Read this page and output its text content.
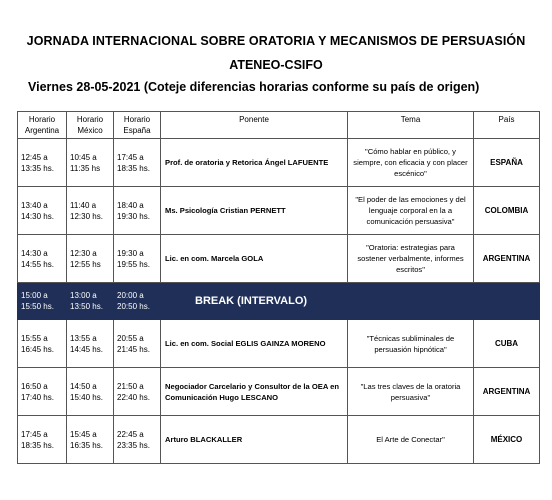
JORNADA INTERNACIONAL SOBRE ORATORIA Y MECANISMOS DE PERSUASIÓN
ATENEO-CSIFO
Viernes 28-05-2021 (Coteje diferencias horarias conforme su país de origen)
Horario
Argentina	Horario
México	Horario
España	Ponente	Tema	País

12:45 a
13:35 hs.	10:45 a
11:35 hs	17:45 a
18:35 hs.	Prof. de oratoria y Retorica Ángel LAFUENTE	"Cómo hablar en público, y siempre, con eficacia y con placer escénico"	ESPAÑA

13:40 a
14:30 hs.	11:40 a
12:30 hs.	18:40 a
19:30 hs.	Ms. Psicología Cristian PERNETT	"El poder de las emociones y del lenguaje corporal en la a comunicación persuasiva"	COLOMBIA

14:30 a
14:55 hs.	12:30 a
12:55 hs	19:30 a
19:55 hs.	Lic. en com. Marcela GOLA	"Oratoria: estrategias para sostener verbalmente, informes escritos"	ARGENTINA

15:00 a
15:50 hs.	13:00 a
13:50 hs.	20:00 a
20:50 hs.	BREAK (INTERVALO)		

15:55 a
16:45 hs.	13:55 a
14:45 hs.	20:55 a
21:45 hs.	Lic. en com. Social EGLIS GAINZA MORENO	"Técnicas subliminales de persuasión hipnótica"	CUBA

16:50 a
17:40 hs.	14:50 a
15:40 hs.	21:50 a
22:40 hs.	Negociador Carcelario y Consultor de la OEA en Comunicación Hugo LESCANO	"Las tres claves de la oratoria persuasiva"	ARGENTINA

17:45 a
18:35 hs.	15:45 a
16:35 hs.	22:45 a
23:35 hs.	Arturo BLACKALLER	El Arte de Conectar"	MÉXICO
